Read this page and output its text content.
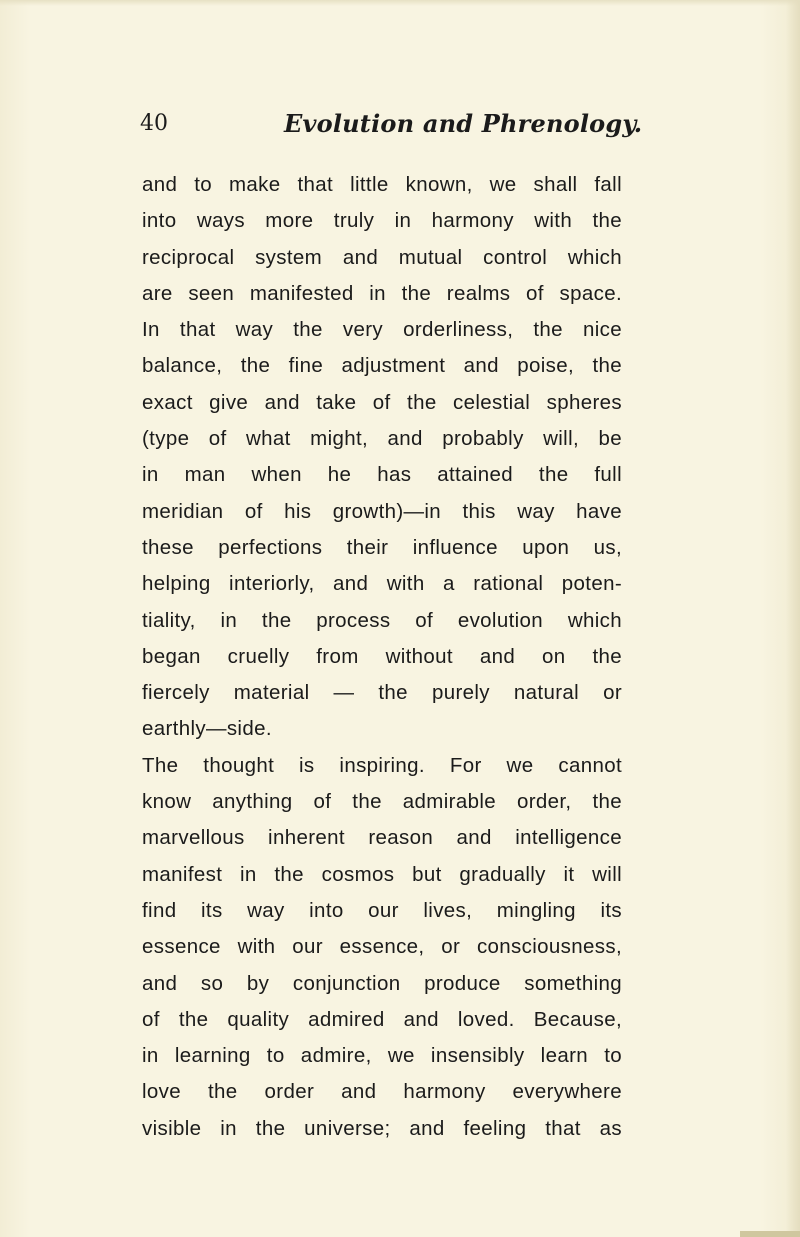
40	Evolution and Phrenology.
and to make that little known, we shall fall
into ways more truly in harmony with the
reciprocal system and mutual control which
are seen manifested in the realms of space.
In that way the very orderliness, the nice
balance, the fine adjustment and poise, the
exact give and take of the celestial spheres
(type of what might, and probably will, be
in man when he has attained the full
meridian of his growth)—in this way have
these perfections their influence upon us,
helping interiorly, and with a rational poten-
tiality, in the process of evolution which
began cruelly from without and on the
fiercely material — the purely natural or
earthly—side.
The thought is inspiring. For we cannot
know anything of the admirable order, the
marvellous inherent reason and intelligence
manifest in the cosmos but gradually it will
find its way into our lives, mingling its
essence with our essence, or consciousness,
and so by conjunction produce something
of the quality admired and loved. Because,
in learning to admire, we insensibly learn to
love the order and harmony everywhere
visible in the universe; and feeling that as
